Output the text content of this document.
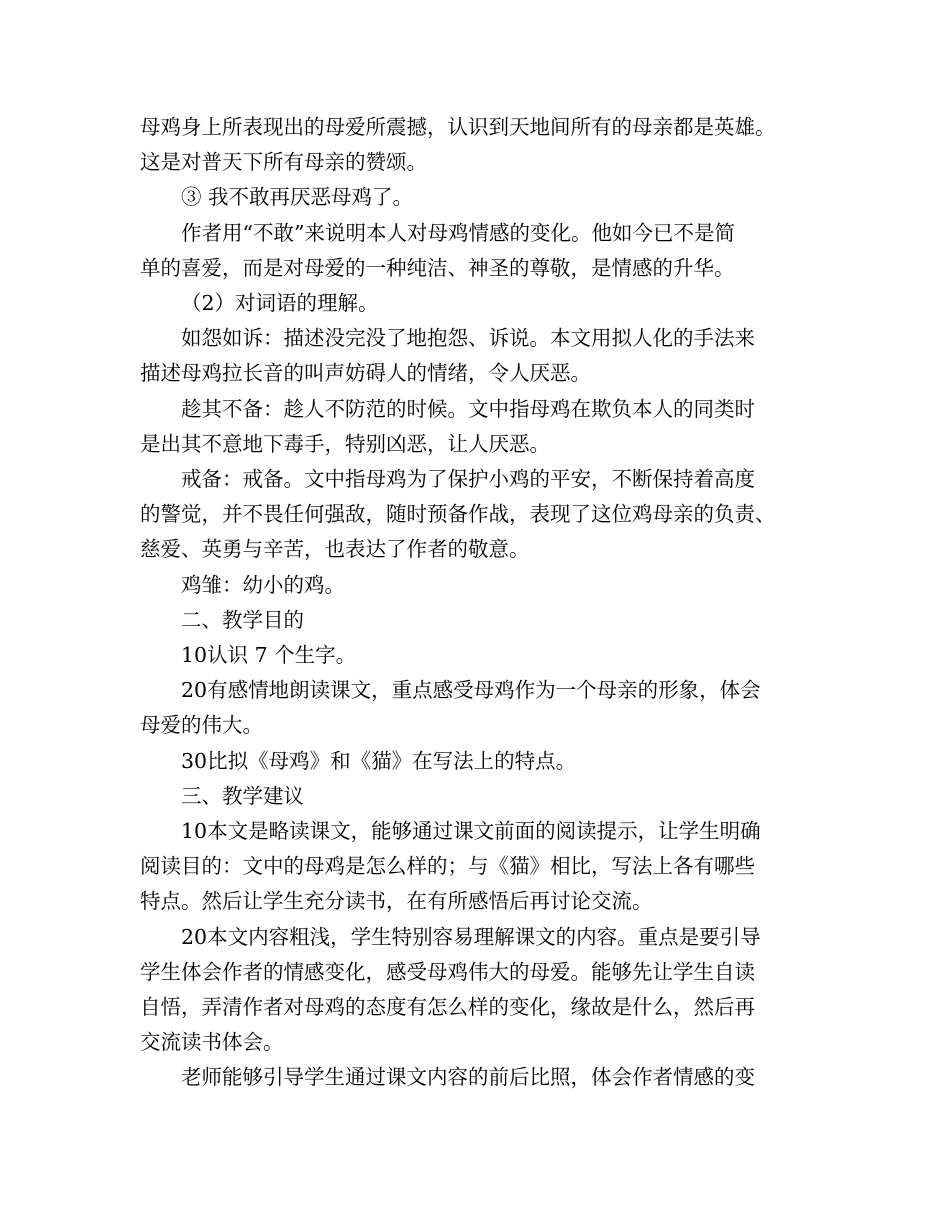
母鸡身上所表现出的母爱所震撼，认识到天地间所有的母亲都是英雄。
这是对普天下所有母亲的赞颂。
③ 我不敢再厌恶母鸡了。
作者用“不敢”来说明本人对母鸡情感的变化。他如今已不是简
单的喜爱，而是对母爱的一种纯洁、神圣的尊敬，是情感的升华。
（2）对词语的理解。
如怨如诉：描述没完没了地抱怨、诉说。本文用拟人化的手法来
描述母鸡拉长音的叫声妨碍人的情绪，令人厌恶。
趁其不备：趁人不防范的时候。文中指母鸡在欺负本人的同类时
是出其不意地下毒手，特别凶恶，让人厌恶。
戒备：戒备。文中指母鸡为了保护小鸡的平安，不断保持着高度
的警觉，并不畏任何强敌，随时预备作战，表现了这位鸡母亲的负责、
慈爱、英勇与辛苦，也表达了作者的敬意。
鸡雏：幼小的鸡。
二、教学目的
10认识 7 个生字。
20有感情地朗读课文，重点感受母鸡作为一个母亲的形象，体会
母爱的伟大。
30比拟《母鸡》和《猫》在写法上的特点。
三、教学建议
10本文是略读课文，能够通过课文前面的阅读提示，让学生明确
阅读目的：文中的母鸡是怎么样的；与《猫》相比，写法上各有哪些
特点。然后让学生充分读书，在有所感悟后再讨论交流。
20本文内容粗浅，学生特别容易理解课文的内容。重点是要引导
学生体会作者的情感变化，感受母鸡伟大的母爱。能够先让学生自读
自悟，弄清作者对母鸡的态度有怎么样的变化，缘故是什么，然后再
交流读书体会。
老师能够引导学生通过课文内容的前后比照，体会作者情感的变
